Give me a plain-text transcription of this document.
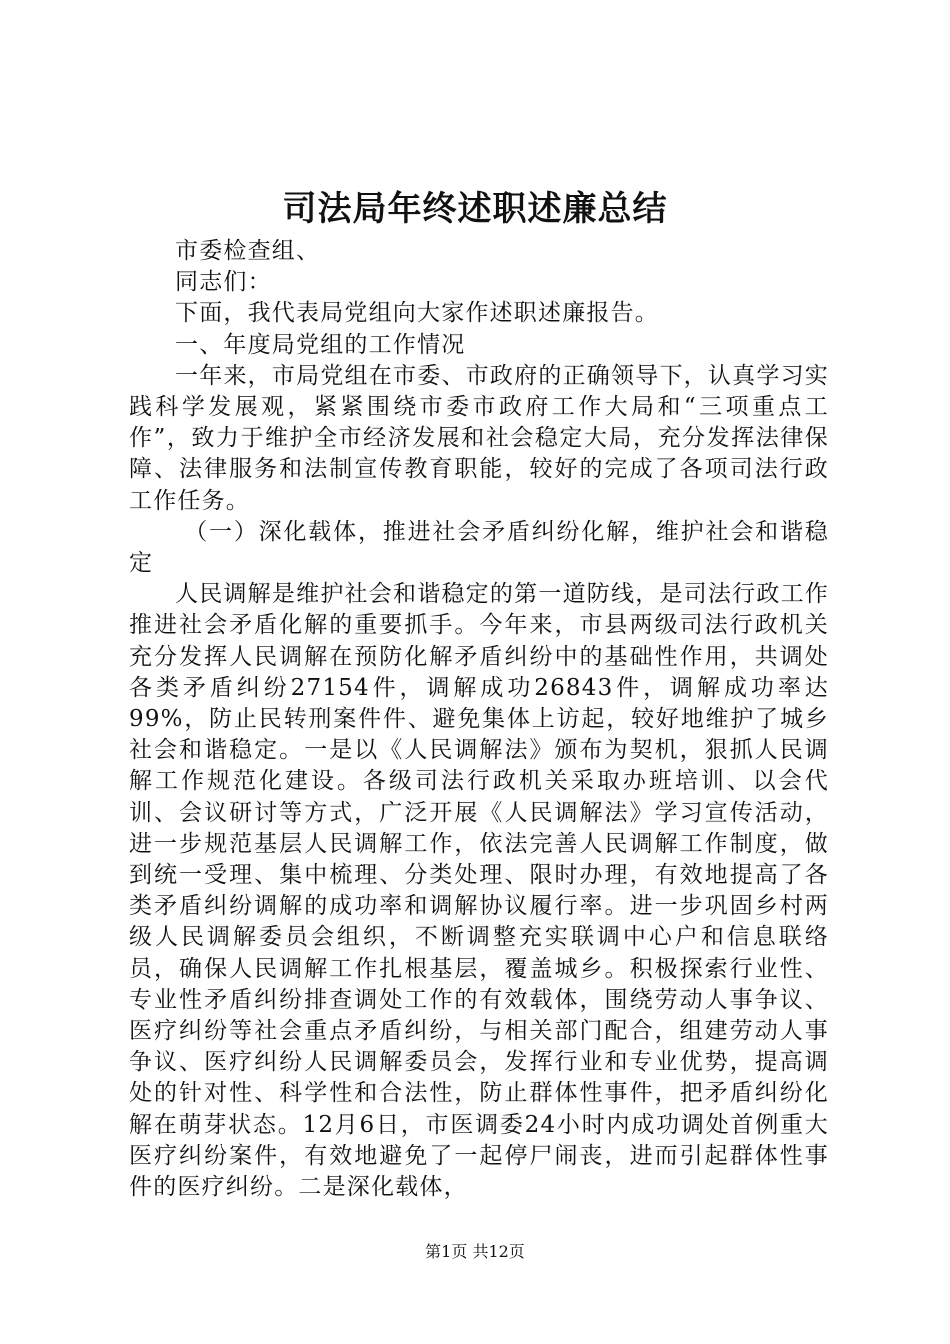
司法局年终述职述廉总结

市委检查组、

同志们：

下面，我代表局党组向大家作述职述廉报告。

一、年度局党组的工作情况

一年来，市局党组在市委、市政府的正确领导下，认真学习实践科学发展观，紧紧围绕市委市政府工作大局和“三项重点工作”，致力于维护全市经济发展和社会稳定大局，充分发挥法律保障、法律服务和法制宣传教育职能，较好的完成了各项司法行政工作任务。

（一）深化载体，推进社会矛盾纠纷化解，维护社会和谐稳定

人民调解是维护社会和谐稳定的第一道防线，是司法行政工作推进社会矛盾化解的重要抓手。今年来，市县两级司法行政机关充分发挥人民调解在预防化解矛盾纠纷中的基础性作用，共调处各类矛盾纠纷27154件，调解成功26843件，调解成功率达99%，防止民转刑案件件、避免集体上访起，较好地维护了城乡社会和谐稳定。一是以《人民调解法》颁布为契机，狠抓人民调解工作规范化建设。各级司法行政机关采取办班培训、以会代训、会议研讨等方式，广泛开展《人民调解法》学习宣传活动，进一步规范基层人民调解工作，依法完善人民调解工作制度，做到统一受理、集中梳理、分类处理、限时办理，有效地提高了各类矛盾纠纷调解的成功率和调解协议履行率。进一步巩固乡村两级人民调解委员会组织，不断调整充实联调中心户和信息联络员，确保人民调解工作扎根基层，覆盖城乡。积极探索行业性、专业性矛盾纠纷排查调处工作的有效载体，围绕劳动人事争议、医疗纠纷等社会重点矛盾纠纷，与相关部门配合，组建劳动人事争议、医疗纠纷人民调解委员会，发挥行业和专业优势，提高调处的针对性、科学性和合法性，防止群体性事件，把矛盾纠纷化解在萌芽状态。12月6日，市医调委24小时内成功调处首例重大医疗纠纷案件，有效地避免了一起停尸闹丧，进而引起群体性事件的医疗纠纷。二是深化载体，

第1页 共12页
